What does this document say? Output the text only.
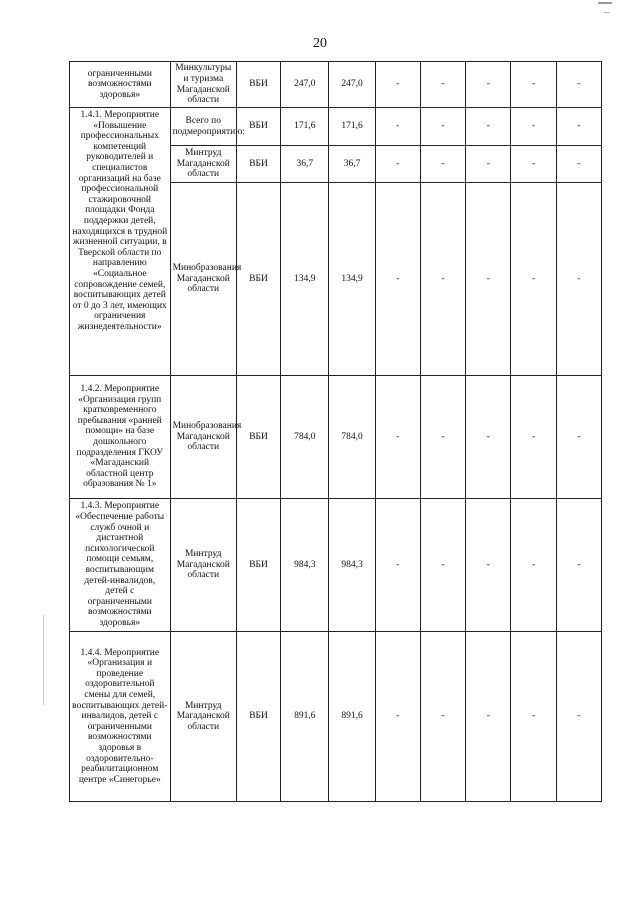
20
ограниченными возможностями здоровья»	Минкультуры и туризма Магаданской области	ВБИ	247,0	247,0	-	-	-	-	-
1.4.1. Мероприятие «Повышение профессиональных компетенций руководителей и специалистов организаций на базе профессиональной стажировочной площадки Фонда поддержки детей, находящихся в трудной жизненной ситуации, в Тверской области по направлению «Социальное сопровождение семей, воспитывающих детей от 0 до 3 лет, имеющих ограничения жизнедеятельности»	Всего по подмероприятию:	ВБИ	171,6	171,6	-	-	-	-	-
	Минтруд Магаданской области	ВБИ	36,7	36,7	-	-	-	-	-
	Минобразования Магаданской области	ВБИ	134,9	134,9	-	-	-	-	-
1.4.2. Мероприятие «Организация групп кратковременного пребывания «ранней помощи» на базе дошкольного подразделения ГКОУ «Магаданский областной центр образования № 1»	Минобразования Магаданской области	ВБИ	784,0	784,0	-	-	-	-	-
1.4.3. Мероприятие «Обеспечение работы служб очной и дистантной психологической помощи семьям, воспитывающим детей-инвалидов, детей с ограниченными возможностями здоровья»	Минтруд Магаданской области	ВБИ	984,3	984,3	-	-	-	-	-
1.4.4. Мероприятие «Организация и проведение оздоровительной смены для семей, воспитывающих детей-инвалидов, детей с ограниченными возможностями здоровья в оздоровительно-реабилитационном центре «Синегорье»	Минтруд Магаданской области	ВБИ	891,6	891,6	-	-	-	-	-
